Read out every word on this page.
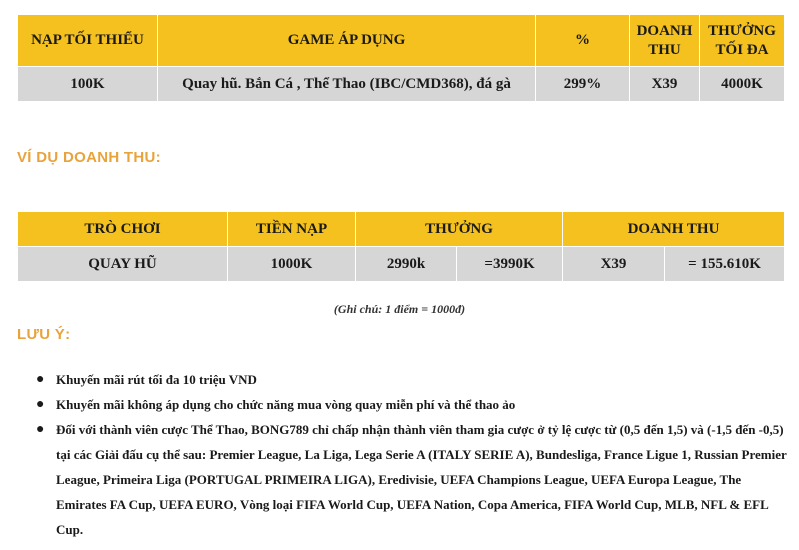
NẠP TỐI THIỂU	GAME ÁP DỤNG	%	DOANH THU	THƯỞNG TỐI ĐA
100K	Quay hũ. Bắn Cá , Thể Thao (IBC/CMD368), đá gà	299%	X39	4000K
VÍ DỤ DOANH THU:
TRÒ CHƠI	TIỀN NẠP	THƯỞNG		DOANH THU	
QUAY HŨ	1000K	2990k	=3990K	X39	= 155.610K
(Ghi chú: 1 điểm = 1000đ)
LƯU Ý:
● Khuyến mãi rút tối đa 10 triệu VND
● Khuyến mãi không áp dụng cho chức năng mua vòng quay miễn phí và thể thao ảo
● Đối với thành viên cược Thể Thao, BONG789 chỉ chấp nhận thành viên tham gia cược ở tỷ lệ cược từ (0,5 đến 1,5) và (-1,5 đến -0,5) tại các Giải đấu cụ thể sau: Premier League, La Liga, Lega Serie A (ITALY SERIE A), Bundesliga, France Ligue 1, Russian Premier League, Primeira Liga (PORTUGAL PRIMEIRA LIGA), Eredivisie, UEFA Champions League, UEFA Europa League, The Emirates FA Cup, UEFA EURO, Vòng loại FIFA World Cup, UEFA Nation, Copa America, FIFA World Cup, MLB, NFL & EFL Cup.
